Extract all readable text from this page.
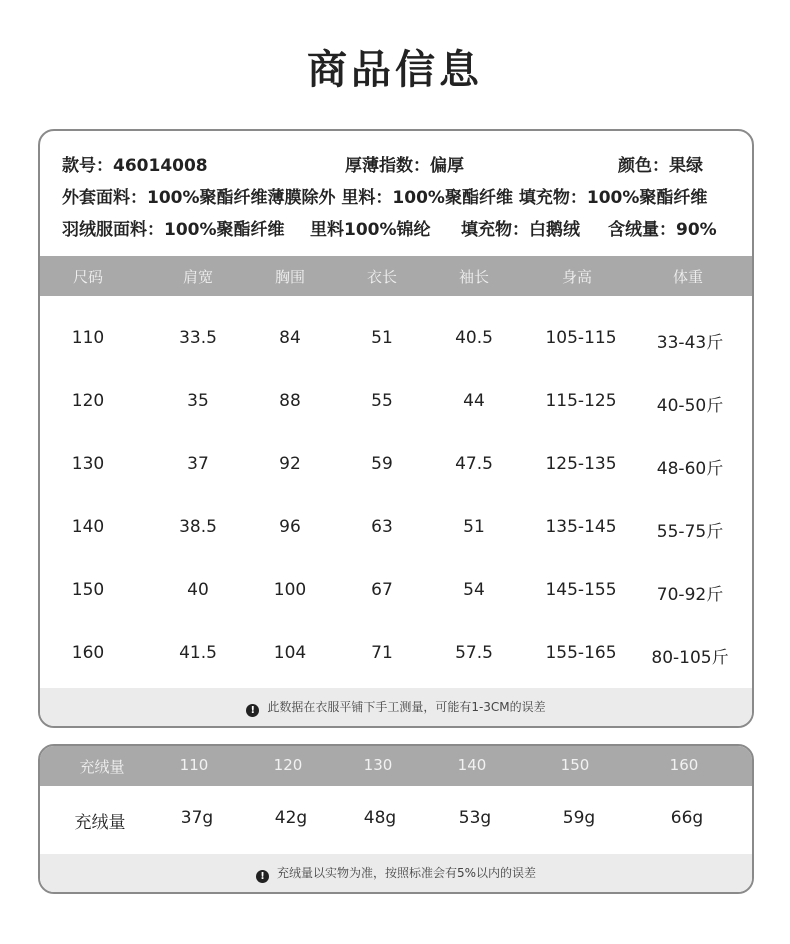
商品信息
款号：46014008	厚薄指数：偏厚	颜色：果绿
外套面料：100%聚酯纤维薄膜除外 里料：100%聚酯纤维 填充物：100%聚酯纤维
羽绒服面料：100%聚酯纤维 里料100%锦纶 填充物：白鹅绒 含绒量：90%
尺码	肩宽	胸围	衣长	袖长	身高	体重
110	33.5	84	51	40.5	105-115	33-43斤
120	35	88	55	44	115-125	40-50斤
130	37	92	59	47.5	125-135	48-60斤
140	38.5	96	63	51	135-145	55-75斤
150	40	100	67	54	145-155	70-92斤
160	41.5	104	71	57.5	155-165	80-105斤
! 此数据在衣服平铺下手工测量，可能有1-3CM的误差
充绒量	110	120	130	140	150	160
充绒量	37g	42g	48g	53g	59g	66g
! 充绒量以实物为准，按照标准会有5%以内的误差
